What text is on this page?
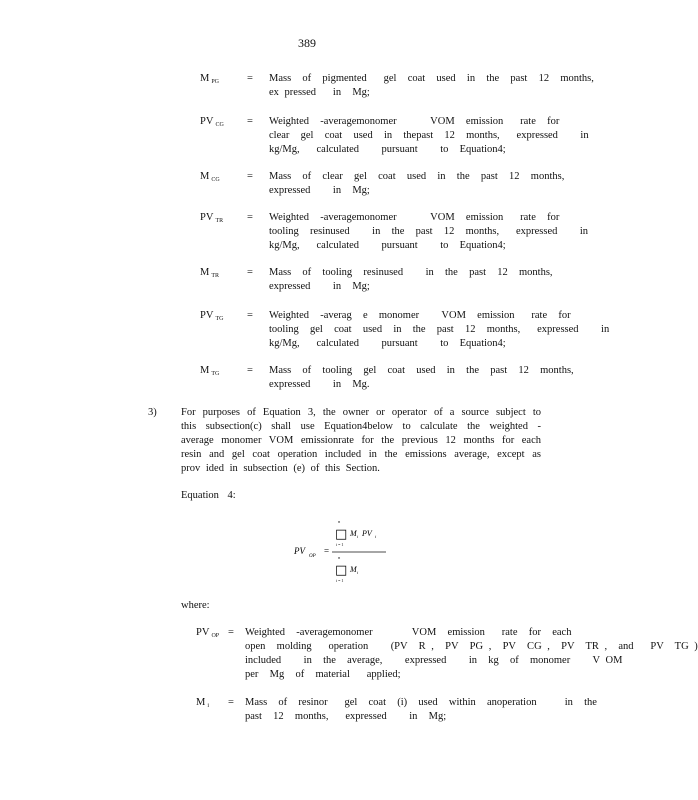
389
M $_{PG}$	= Mass  of  pigmented   gel  coat  used  in  the  past  12  months,
ex pressed   in  Mg;
PV $_{CG}$ = Weighted  -averagemonomer      VOM  emission   rate  for
clear  gel  coat  used  in  thepast  12  months,   expressed    in
kg/Mg,   calculated    pursuant    to  Equation4;
M $_{CG}$	= Mass  of  clear  gel  coat  used  in  the  past  12  months,
expressed    in  Mg;
PV $_{TR}$ = Weighted  -averagemonomer      VOM  emission   rate  for
tooling  resinused    in  the  past  12  months,   expressed    in
kg/Mg,   calculated    pursuant    to  Equation4;
M $_{TR}$	= Mass  of  tooling  resinused    in  the  past  12  months,
expressed    in  Mg;
PV $_{TG}$ = Weighted  -averag  e  monomer    VOM  emission   rate  for
tooling  gel  coat  used  in  the  past  12  months,   expressed    in
kg/Mg,   calculated    pursuant    to  Equation4;
M $_{TG}$	= Mass  of  tooling  gel  coat  used  in  the  past  12  months,
expressed    in  Mg.
3) For purposes of Equation 3, the owner or operator of a source subject to this subsection(c) shall use Equation4below to calculate the weighted - average monomer VOM emissionrate for the previous 12 months for each resin and gel coat operation included in the emissions average, except as prov ided in subsection (e) of this Section.
Equation 4:
PV
OP
=
n
□
i = 1
M i PV i
n
□
i = 1
M i
where:
PV $_{OP}$ = Weighted  -averagemonomer       VOM  emission   rate  for  each
open  molding   operation    (PV  R ,  PV  PG ,  PV  CG ,  PV  TR ,  and   PV  TG )
included    in  the  average,    expressed    in  kg  of  monomer    V OM
per  Mg  of  material   applied;
M $_i$ = Mass  of  resinor   gel  coat  (i)  used  within  anoperation     in  the
past  12  months,   expressed    in  Mg;
